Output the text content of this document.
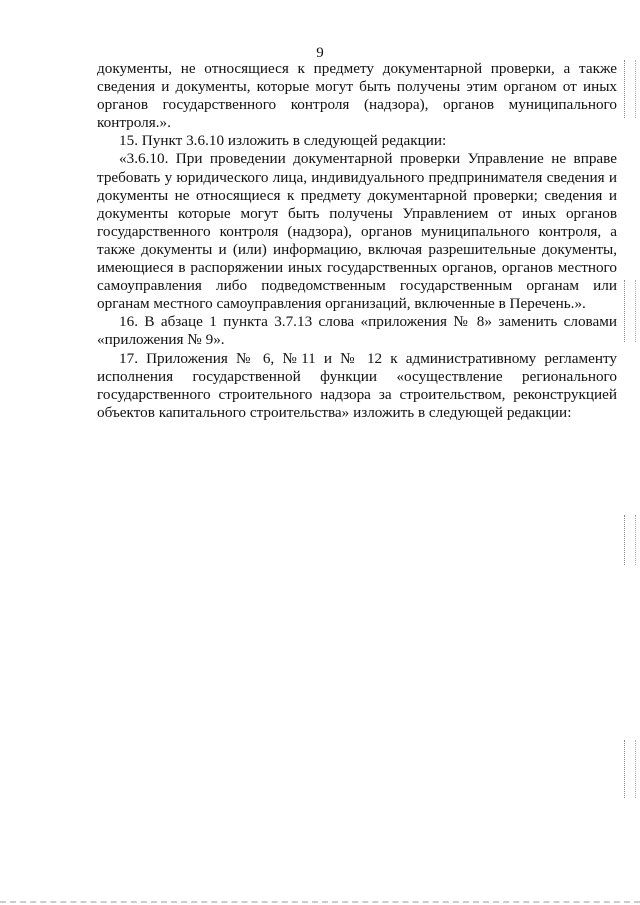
9

документы, не относящиеся к предмету документарной проверки, а также
сведения и документы, которые могут быть получены этим органом от иных
органов государственного контроля (надзора), органов муниципального
контроля.».

15. Пункт 3.6.10 изложить в следующей редакции:

«3.6.10. При проведении документарной проверки Управление не вправе
требовать у юридического лица, индивидуального предпринимателя сведения и
документы не относящиеся к предмету документарной проверки; сведения и
документы которые могут быть получены Управлением от иных органов
государственного контроля (надзора), органов муниципального контроля, а
также документы и (или) информацию, включая разрешительные документы,
имеющиеся в распоряжении иных государственных органов, органов местного
самоуправления либо подведомственным государственным органам или
органам местного самоуправления организаций, включенные в Перечень.».

16. В абзаце 1 пункта 3.7.13 слова «приложения № 8» заменить словами
«приложения № 9».

17. Приложения № 6, №11 и № 12 к административному регламенту
исполнения государственной функции «осуществление регионального
государственного строительного надзора за строительством, реконструкцией
объектов капитального строительства» изложить в следующей редакции:
